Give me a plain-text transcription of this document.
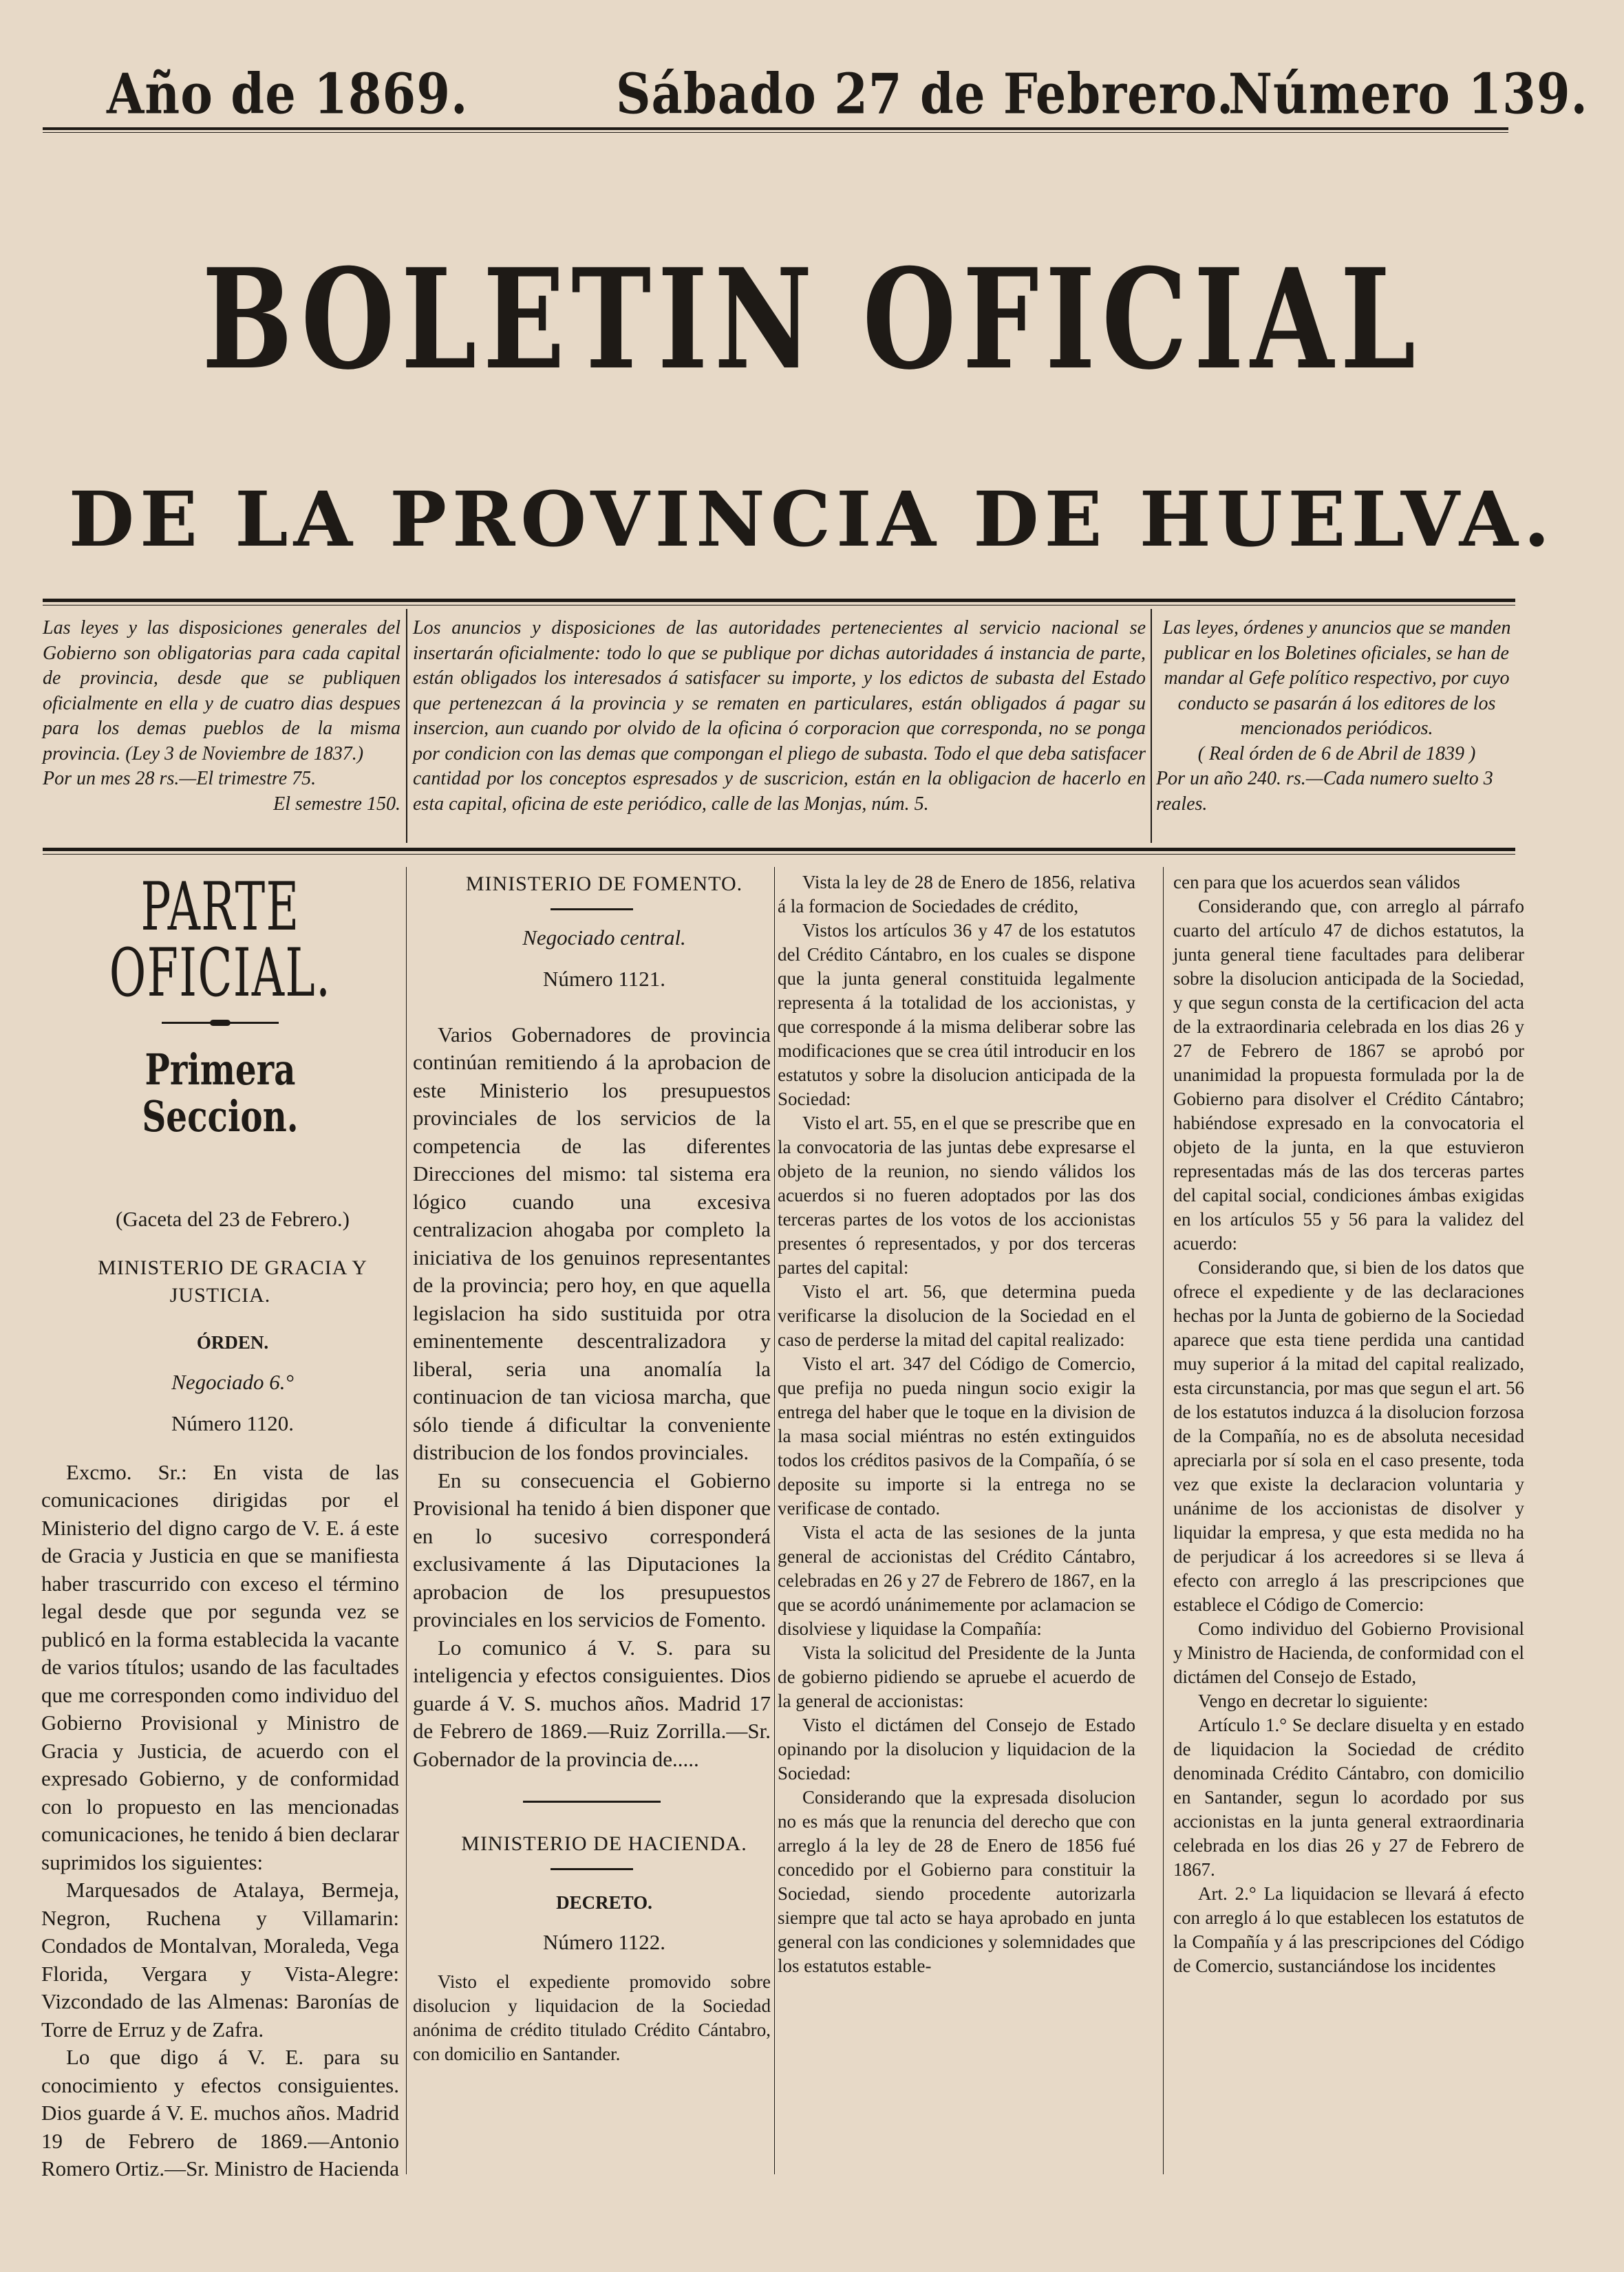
Año de 1869.	Sábado 27 de Febrero.
Número 139.
BOLETIN OFICIAL
DE LA PROVINCIA DE HUELVA.

Las leyes y las disposiciones generales del Gobierno son obligatorias para cada capital de provincia, desde que se publiquen oficialmente en ella y de cuatro dias despues para los demas pueblos de la misma provincia. (Ley 3 de Noviembre de 1837.)

Por un mes 28 rs.—El trimestre 75.

El semestre 150.

Los anuncios y disposiciones de las autoridades pertenecientes al servicio nacional se insertarán oficialmente: todo lo que se publique por dichas autoridades á instancia de parte, están obligados los interesados á satisfacer su importe, y los edictos de subasta del Estado que pertenezcan á la provincia y se rematen en particulares, están obligados á pagar su insercion, aun cuando por olvido de la oficina ó corporacion que corresponda, no se ponga por condicion con las demas que compongan el pliego de subasta. Todo el que deba satisfacer cantidad por los conceptos espresados y de suscricion, están en la obligacion de hacerlo en esta capital, oficina de este periódico, calle de las Monjas, núm. 5.

Las leyes, órdenes y anuncios que se manden publicar en los Boletines oficiales, se han de mandar al Gefe político respectivo, por cuyo conducto se pasarán á los editores de los mencionados periódicos.

( Real órden de 6 de Abril de 1839 )

Por un año 240. rs.—Cada numero suelto 3 reales.

PARTE OFICIAL.
Primera Seccion.

(Gaceta del 23 de Febrero.)

MINISTERIO DE GRACIA Y JUSTICIA.

ÓRDEN.

Negociado 6.°

Número 1120.

Excmo. Sr.: En vista de las comunicaciones dirigidas por el Ministerio del digno cargo de V. E. á este de Gracia y Justicia en que se manifiesta haber trascurrido con exceso el término legal desde que por segunda vez se publicó en la forma establecida la vacante de varios títulos; usando de las facultades que me corresponden como individuo del Gobierno Provisional y Ministro de Gracia y Justicia, de acuerdo con el expresado Gobierno, y de conformidad con lo propuesto en las mencionadas comunicaciones, he tenido á bien declarar suprimidos los siguientes:

Marquesados de Atalaya, Bermeja, Negron, Ruchena y Villamarin: Condados de Montalvan, Moraleda, Vega Florida, Vergara y Vista-Alegre: Vizcondado de las Almenas: Baronías de Torre de Erruz y de Zafra.

Lo que digo á V. E. para su conocimiento y efectos consiguientes. Dios guarde á V. E. muchos años. Madrid 19 de Febrero de 1869.—Antonio Romero Ortiz.—Sr. Ministro de Hacienda

MINISTERIO DE FOMENTO.

Negociado central.

Número 1121.

Varios Gobernadores de provincia continúan remitiendo á la aprobacion de este Ministerio los presupuestos provinciales de los servicios de la competencia de las diferentes Direcciones del mismo: tal sistema era lógico cuando una excesiva centralizacion ahogaba por completo la iniciativa de los genuinos representantes de la provincia; pero hoy, en que aquella legislacion ha sido sustituida por otra eminentemente descentralizadora y liberal, seria una anomalía la continuacion de tan viciosa marcha, que sólo tiende á dificultar la conveniente distribucion de los fondos provinciales.

En su consecuencia el Gobierno Provisional ha tenido á bien disponer que en lo sucesivo corresponderá exclusivamente á las Diputaciones la aprobacion de los presupuestos provinciales en los servicios de Fomento.

Lo comunico á V. S. para su inteligencia y efectos consiguientes. Dios guarde á V. S. muchos años. Madrid 17 de Febrero de 1869.—Ruiz Zorrilla.—Sr. Gobernador de la provincia de.....

MINISTERIO DE HACIENDA.

DECRETO.

Número 1122.

Visto el expediente promovido sobre disolucion y liquidacion de la Sociedad anónima de crédito titulado Crédito Cántabro, con domicilio en Santander.

Vista la ley de 28 de Enero de 1856, relativa á la formacion de Sociedades de crédito,

Vistos los artículos 36 y 47 de los estatutos del Crédito Cántabro, en los cuales se dispone que la junta general constituida legalmente representa á la totalidad de los accionistas, y que corresponde á la misma deliberar sobre las modificaciones que se crea útil introducir en los estatutos y sobre la disolucion anticipada de la Sociedad:

Visto el art. 55, en el que se prescribe que en la convocatoria de las juntas debe expresarse el objeto de la reunion, no siendo válidos los acuerdos si no fueren adoptados por las dos terceras partes de los votos de los accionistas presentes ó representados, y por dos terceras partes del capital:

Visto el art. 56, que determina pueda verificarse la disolucion de la Sociedad en el caso de perderse la mitad del capital realizado:

Visto el art. 347 del Código de Comercio, que prefija no pueda ningun socio exigir la entrega del haber que le toque en la division de la masa social miéntras no estén extinguidos todos los créditos pasivos de la Compañía, ó se deposite su importe si la entrega no se verificase de contado.

Vista el acta de las sesiones de la junta general de accionistas del Crédito Cántabro, celebradas en 26 y 27 de Febrero de 1867, en la que se acordó unánimemente por aclamacion se disolviese y liquidase la Compañía:

Vista la solicitud del Presidente de la Junta de gobierno pidiendo se apruebe el acuerdo de la general de accionistas:

Visto el dictámen del Consejo de Estado opinando por la disolucion y liquidacion de la Sociedad:

Considerando que la expresada disolucion no es más que la renuncia del derecho que con arreglo á la ley de 28 de Enero de 1856 fué concedido por el Gobierno para constituir la Sociedad, siendo procedente autorizarla siempre que tal acto se haya aprobado en junta general con las condiciones y solemnidades que los estatutos estable-

cen para que los acuerdos sean válidos

Considerando que, con arreglo al párrafo cuarto del artículo 47 de dichos estatutos, la junta general tiene facultades para deliberar sobre la disolucion anticipada de la Sociedad, y que segun consta de la certificacion del acta de la extraordinaria celebrada en los dias 26 y 27 de Febrero de 1867 se aprobó por unanimidad la propuesta formulada por la de Gobierno para disolver el Crédito Cántabro; habiéndose expresado en la convocatoria el objeto de la junta, en la que estuvieron representadas más de las dos terceras partes del capital social, condiciones ámbas exigidas en los artículos 55 y 56 para la validez del acuerdo:

Considerando que, si bien de los datos que ofrece el expediente y de las declaraciones hechas por la Junta de gobierno de la Sociedad aparece que esta tiene perdida una cantidad muy superior á la mitad del capital realizado, esta circunstancia, por mas que segun el art. 56 de los estatutos induzca á la disolucion forzosa de la Compañía, no es de absoluta necesidad apreciarla por sí sola en el caso presente, toda vez que existe la declaracion voluntaria y unánime de los accionistas de disolver y liquidar la empresa, y que esta medida no ha de perjudicar á los acreedores si se lleva á efecto con arreglo á las prescripciones que establece el Código de Comercio:

Como individuo del Gobierno Provisional y Ministro de Hacienda, de conformidad con el dictámen del Consejo de Estado,

Vengo en decretar lo siguiente:

Artículo 1.° Se declare disuelta y en estado de liquidacion la Sociedad de crédito denominada Crédito Cántabro, con domicilio en Santander, segun lo acordado por sus accionistas en la junta general extraordinaria celebrada en los dias 26 y 27 de Febrero de 1867.

Art. 2.° La liquidacion se llevará á efecto con arreglo á lo que establecen los estatutos de la Compañía y á las prescripciones del Código de Comercio, sustanciándose los incidentes
